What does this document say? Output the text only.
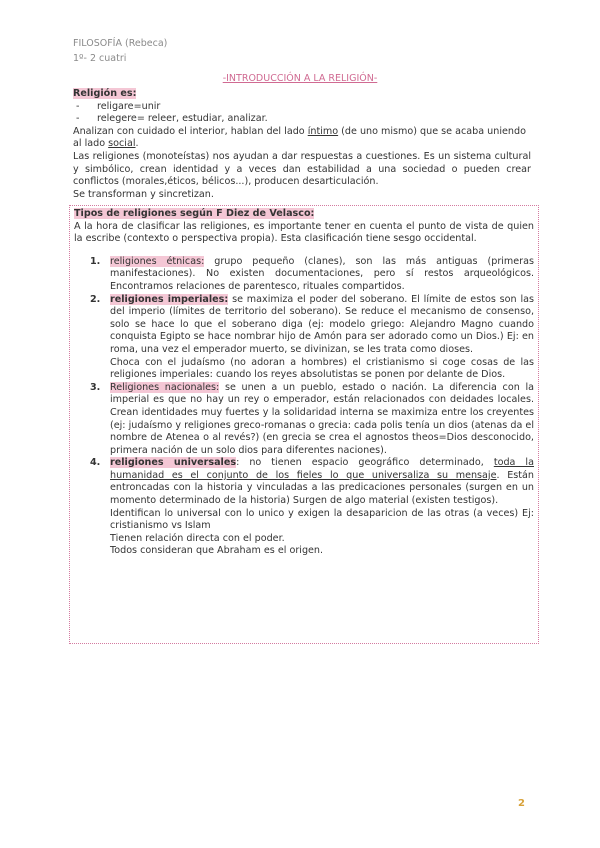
FILOSOFÍA (Rebeca)
1º- 2 cuatri
-INTRODUCCIÓN A LA RELIGIÓN-
Religión es:
- religare=unir
- relegere= releer, estudiar, analizar.

Analizan con cuidado el interior, hablan del lado íntimo (de uno mismo) que se acaba uniendo al lado social.

Las religiones (monoteístas) nos ayudan a dar respuestas a cuestiones. Es un sistema cultural y simbólico, crean identidad y a veces dan estabilidad a una sociedad o pueden crear conflictos (morales,éticos, bélicos...), producen desarticulación.

Se transforman y sincretizan.

Tipos de religiones según F Diez de Velasco:

A la hora de clasificar las religiones, es importante tener en cuenta el punto de vista de quien la escribe (contexto o perspectiva propia). Esta clasificación tiene sesgo occidental.

1. religiones étnicas: grupo pequeño (clanes), son las más antiguas (primeras manifestaciones). No existen documentaciones, pero sí restos arqueológicos. Encontramos relaciones de parentesco, rituales compartidos.

2. religiones imperiales: se maximiza el poder del soberano. El límite de estos son las del imperio (límites de territorio del soberano). Se reduce el mecanismo de consenso, solo se hace lo que el soberano diga (ej: modelo griego: Alejandro Magno cuando conquista Egipto se hace nombrar hijo de Amón para ser adorado como un Dios.) Ej: en roma, una vez el emperador muerto, se divinizan, se les trata como dioses.

Choca con el judaísmo (no adoran a hombres) el cristianismo si coge cosas de las religiones imperiales: cuando los reyes absolutistas se ponen por delante de Dios.

3. Religiones nacionales: se unen a un pueblo, estado o nación. La diferencia con la imperial es que no hay un rey o emperador, están relacionados con deidades locales. Crean identidades muy fuertes y la solidaridad interna se maximiza entre los creyentes (ej: judaísmo y religiones greco-romanas o grecia: cada polis tenía un dios (atenas da el nombre de Atenea o al revés?) (en grecia se crea el agnostos theos=Dios desconocido, primera nación de un solo dios para diferentes naciones).

4. religiones universales: no tienen espacio geográfico determinado, toda la humanidad es el conjunto de los fieles lo que universaliza su mensaje. Están entroncadas con la historia y vinculadas a las predicaciones personales (surgen en un momento determinado de la historia) Surgen de algo material (existen testigos).

Identifican lo universal con lo unico y exigen la desaparicion de las otras (a veces) Ej: cristianismo vs Islam

Tienen relación directa con el poder.

Todos consideran que Abraham es el origen.

2
